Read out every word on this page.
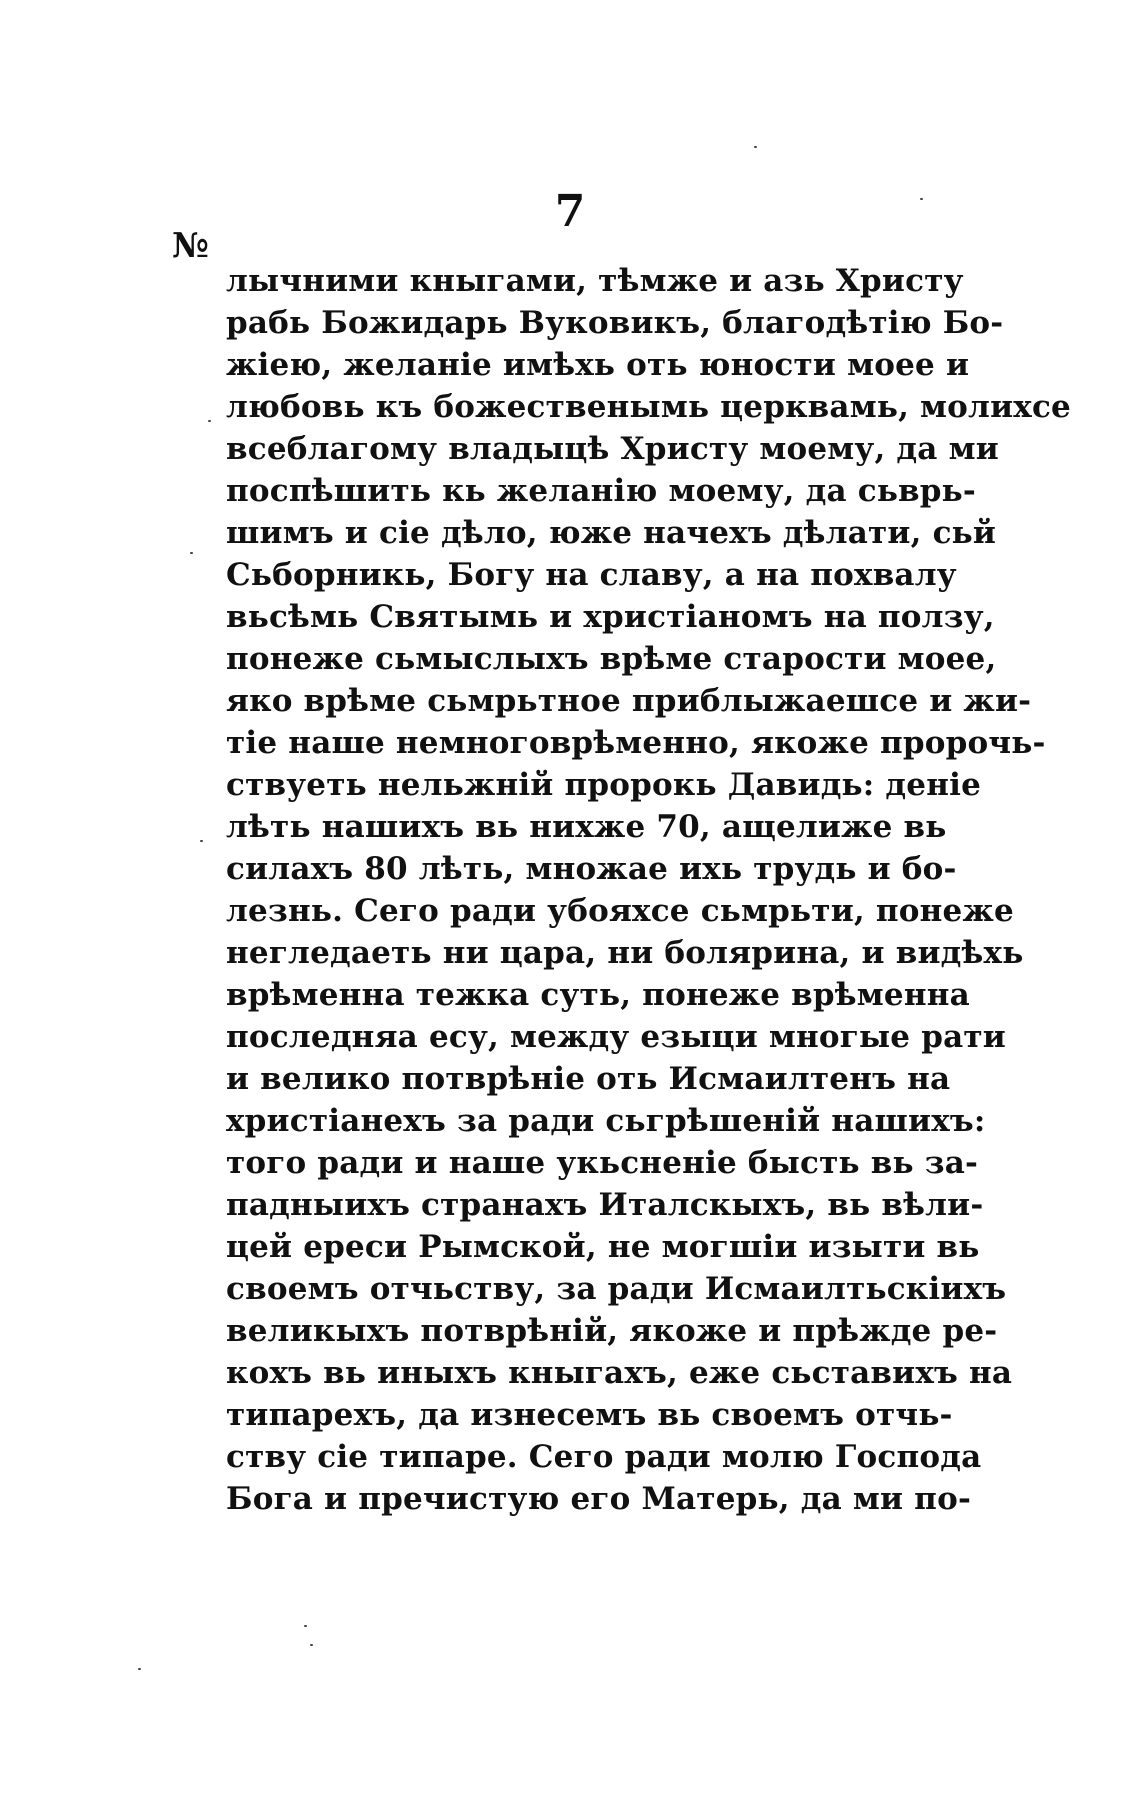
7
№
лычними кныгами, тѣмже и азь Христу
рабь Божидарь Вуковикъ, благодѣтію Бо-
жіею, желаніе имѣхь оть юности моее и
любовь къ божественымь церквамь, молихсе
всеблагому владыцѣ Христу моему, да ми
поспѣшить кь желанію моему, да сьврь-
шимъ и сіе дѣло, юже начехъ дѣлати, сьй
Сьборникь, Богу на славу, а на похвалу
вьсѣмь Святымь и христіаномъ на ползу,
понеже сьмыслыхъ врѣме старости моее,
яко врѣме сьмрьтное приблыжаешсе и жи-
тіе наше немноговрѣменно, якоже пророчь-
ствуеть нельжній пророкь Давидь: деніе
лѣть нашихъ вь нихже 70, ащелиже вь
силахъ 80 лѣть, множае ихь трудь и бо-
лезнь. Сего ради убояхсе сьмрьти, понеже
негледаеть ни цара, ни болярина, и видѣхь
врѣменна тежка суть, понеже врѣменна
последняа есу, между езыци многые рати
и велико потврѣніе оть Исмаилтенъ на
христіанехъ за ради сьгрѣшеній нашихъ:
того ради и наше укьсненіе бысть вь за-
падныихъ странахъ Италскыхъ, вь вѣли-
цей ереси Рымской, не могшіи изыти вь
своемъ отчьству, за ради Исмаилтьскіихъ
великыхъ потврѣній, якоже и прѣжде ре-
кохъ вь иныхъ кныгахъ, еже сьставихъ на
типарехъ, да изнесемъ вь своемъ отчь-
ству сіе типаре. Сего ради молю Господа
Бога и пречистую его Матерь, да ми по-
